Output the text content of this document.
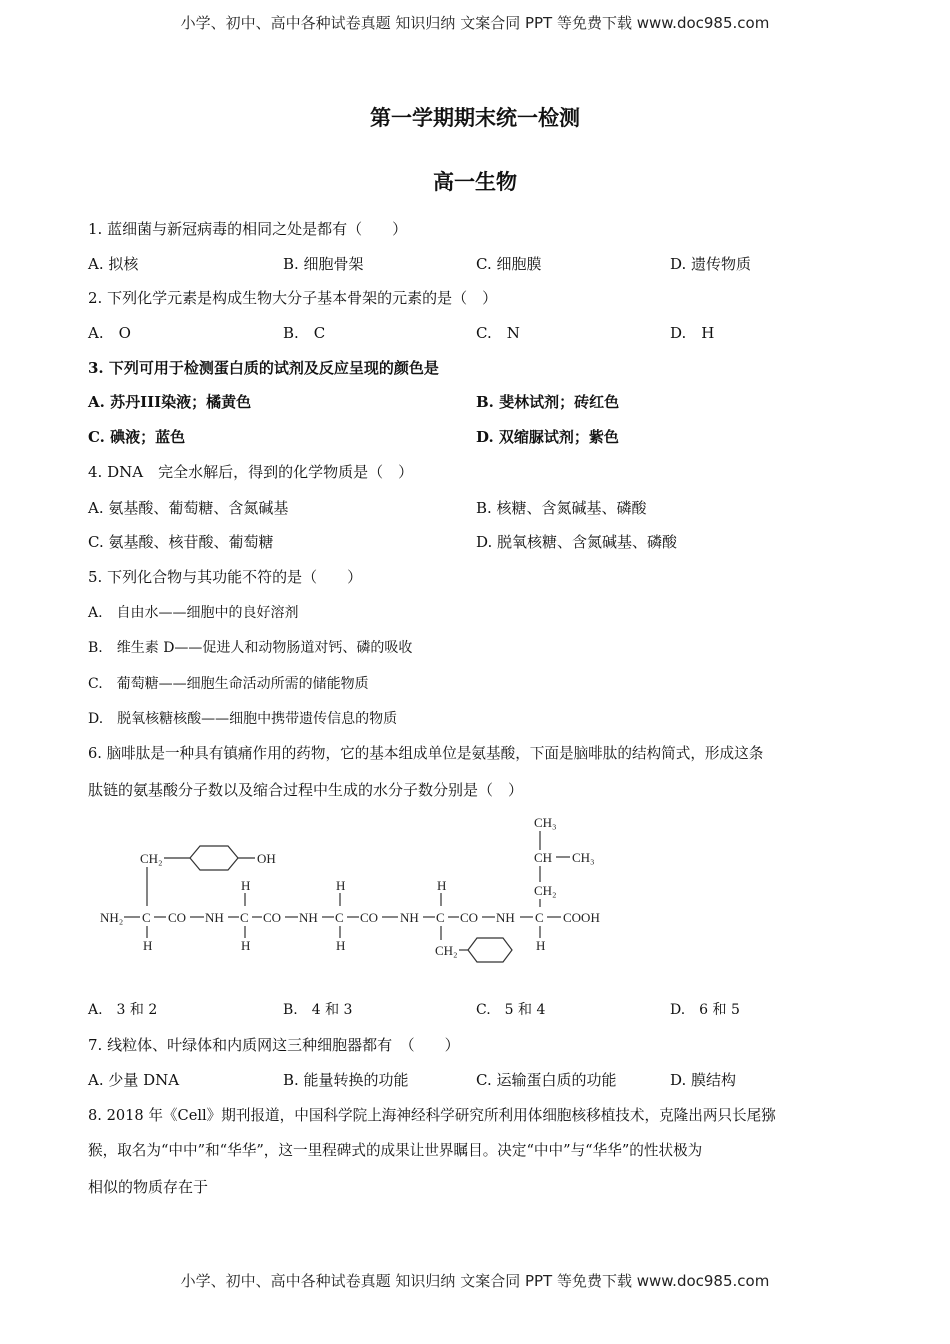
小学、初中、高中各种试卷真题 知识归纳 文案合同 PPT 等免费下载 www.doc985.com
第一学期期末统一检测
高一生物
1. 蓝细菌与新冠病毒的相同之处是都有（　　）
A. 拟核	B. 细胞骨架	C. 细胞膜	D. 遗传物质
2. 下列化学元素是构成生物大分子基本骨架的元素的是（　）
A.　O	B.　C	C.　N	D.　H
3. 下列可用于检测蛋白质的试剂及反应呈现的颜色是
A. 苏丹III染液；橘黄色	B. 斐林试剂；砖红色
C. 碘液；蓝色	D. 双缩脲试剂；紫色
4. DNA　完全水解后，得到的化学物质是（　）
A. 氨基酸、葡萄糖、含氮碱基	B. 核糖、含氮碱基、磷酸
C. 氨基酸、核苷酸、葡萄糖	D. 脱氧核糖、含氮碱基、磷酸
5. 下列化合物与其功能不符的是（　　）
A.　自由水——细胞中的良好溶剂
B.　维生素 D——促进人和动物肠道对钙、磷的吸收
C.　葡萄糖——细胞生命活动所需的储能物质
D.　脱氧核糖核酸——细胞中携带遗传信息的物质
6. 脑啡肽是一种具有镇痛作用的药物，它的基本组成单位是氨基酸，下面是脑啡肽的结构简式，形成这条
肽链的氨基酸分子数以及缩合过程中生成的水分子数分别是（　）
NH₂ C CO NH C CO NH C CO NH C CO NH C COOH
H	H	H
H	H	H	H
CH₂	OH
CH₂
CH₃
CH CH₃
CH₂
A.　3 和 2	B.　4 和 3	C.　5 和 4	D.　6 和 5
7. 线粒体、叶绿体和内质网这三种细胞器都有　（　　）
A. 少量 DNA	B. 能量转换的功能	C. 运输蛋白质的功能	D. 膜结构
8. 2018 年《Cell》期刊报道，中国科学院上海神经科学研究所利用体细胞核移植技术，克隆出两只长尾猕
猴，取名为“中中”和“华华”，这一里程碑式的成果让世界瞩目。决定“中中”与“华华”的性状极为
相似的物质存在于
小学、初中、高中各种试卷真题 知识归纳 文案合同 PPT 等免费下载 www.doc985.com
